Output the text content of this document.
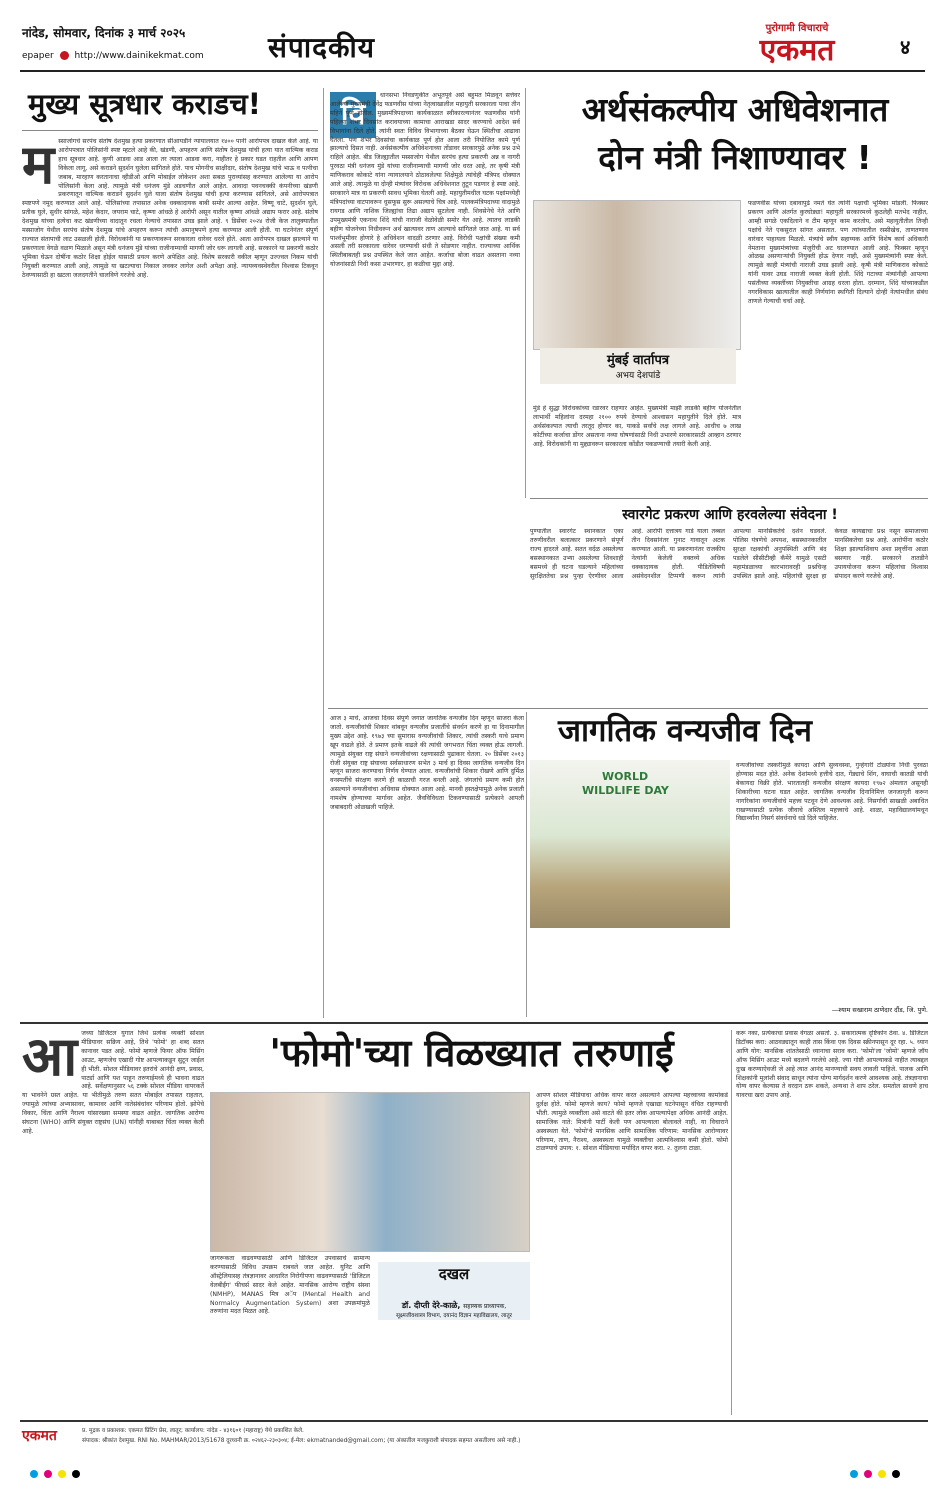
नांदेड, सोमवार, दिनांक ३ मार्च २०२५	संपादकीय
epaper http://www.dainikekmat.com
पुरोगामी विचाराचे
एकमत	४
मुख्य सूत्रधार कराडच!
म स्साजोगचे सरपंच संतोष देशमुख हत्या प्रकरणात सीआयडीने न्यायालयात १४०० पानी आरोपपत्र दाखल केले आहे. या आरोपपत्रात पोलिसांनी स्पष्ट म्हटले आहे की, खंडणी, अपहरण आणि संतोष देशमुख यांची हत्या यात वाल्मिक कराड हाच सूत्रधार आहे. कुणी आडवा आड आला तर त्याला आडवा करा, नाहीतर हे प्रकार घडत राहतील आणि आपण विकेला लागू, असे कराडने सुदर्शन घुलेला सांगितले होते. पाच मोगनीच साक्षीदार, संतोष देशमुख यांचे भाऊ व पत्नीचा जबाब, मारहाण करतानाचा व्हीडीओ आणि मोबाईल लोकेशन अशा सबळ पुराव्यांसह करण्यात आलेल्या या आरोप पोलिसांनी केला आहे. त्यामुळे मंत्री धनंजय मुंडे अडचणीत आले आहेत. आवादा पवनचक्की कंपनीच्या खंडणी प्रकरणातून वाल्मिक कराडने सुदर्शन घुले याला संतोष देशमुख यांची हत्या करण्यास सांगितले, असे आरोपपत्रात स्पष्टपणे नमूद करण्यात आले आहे. पोलिसांच्या तपासात अनेक धक्कादायक बाबी समोर आल्या आहेत. विष्णू चाटे, सुदर्शन घुले, प्रतीक घुले, सुधीर सांगळे, महेश केदार, जयराम चाटे, कृष्णा आंधळे हे आरोपी असून यातील कृष्णा आंधळे अद्याप फरार आहे. संतोष देशमुख यांच्या हत्येचा कट खंडणीच्या वादातून रचला गेल्याचे तपासात उघड झाले आहे. ९ डिसेंबर २०२४ रोजी केज तालुक्यातील मस्साजोग येथील सरपंच संतोष देशमुख यांचे अपहरण करून त्यांची अमानुषपणे हत्या करण्यात आली होती. या घटनेनंतर संपूर्ण राज्यात संतापाची लाट उसळली होती. विरोधकांनी या प्रकरणावरून सरकारला धारेवर धरले होते. आता आरोपपत्र दाखल झाल्याने या प्रकरणाला वेगळे वळण मिळाले असून मंत्री धनंजय मुंडे यांच्या राजीनाम्याची मागणी जोर धरू लागली आहे. सरकारने या प्रकरणी कठोर भूमिका घेऊन दोषींना कठोर शिक्षा होईल यासाठी प्रयत्न करणे अपेक्षित आहे. विशेष सरकारी वकील म्हणून उज्ज्वल निकम यांची नियुक्ती करण्यात आली आहे, त्यामुळे या खटल्याचा निकाल लवकर लागेल अशी अपेक्षा आहे. न्यायव्यवस्थेवरील विश्वास टिकवून ठेवण्यासाठी हा खटला जलदगतीने चालविणे गरजेचे आहे.
वि
धानसभा निवडणुकीत अभूतपूर्व असे बहुमत मिळवून सत्तेवर आलेल्या मुख्यमंत्री देवेंद्र फडणवीस यांच्या नेतृत्वाखालील महायुती सरकारला पाचा तीन महिने पूर्ण होतील. मुख्यमंत्रिपदाच्या कार्यकाळात स्वीकारल्यानंतर फडणवीस यांनी पहिल्या शंभर दिवसांत करावयाच्या कामाचा आराखडा सादर करण्याचे आदेश सर्व विभागांना दिले होते. त्यांनी स्वतः विविध विभागाच्या बैठका घेऊन स्थितीचा आढावा घेतला. पण शंभर दिवसांचा कार्यकाळ पूर्ण होत आला तरी नियोजित कामे पूर्ण झाल्याचे दिसत नाही. अर्थसंकल्पीय अधिवेशनाच्या तोंडावर सरकारपुढे अनेक प्रश्न उभे राहिले आहेत. बीड जिल्ह्यातील मस्साजोग येथील सरपंच हत्या प्रकरणी अन्न व नागरी पुरवठा मंत्री धनंजय मुंडे यांच्या राजीनाम्याची मागणी जोर धरत आहे, तर कृषी मंत्री माणिकराव कोकाटे यांना न्यायालयाने ठोठावलेल्या शिक्षेमुळे त्यांचेही मंत्रिपद धोक्यात आले आहे. त्यामुळे या दोन्ही मंत्र्यांवर विरोधक अधिवेशनात तुटून पडणार हे स्पष्ट आहे. सरकारने मात्र या प्रकरणी सावध भूमिका घेतली आहे. महायुतीमधील घटक पक्षांमध्येही मंत्रिपदांच्या वाटपावरून धुसफूस सुरू असल्याचे चित्र आहे. पालकमंत्रिपदाच्या वादामुळे रायगड आणि नाशिक जिल्ह्यांचा तिढा अद्याप सुटलेला नाही. शिवसेनेचे नेते आणि उपमुख्यमंत्री एकनाथ शिंदे यांची नाराजी वेळोवेळी समोर येत आहे. त्यातच लाडकी बहीण योजनेच्या निधीवरून अर्थ खात्यावर ताण आल्याचे सांगितले जात आहे. या सर्व पार्श्वभूमीवर होणारे हे अधिवेशन वादळी ठरणार आहे. विरोधी पक्षांची संख्या कमी असली तरी सरकारला धारेवर धरण्याची संधी ते सोडणार नाहीत. राज्याच्या आर्थिक स्थितीबाबतही प्रश्न उपस्थित केले जात आहेत. कर्जाचा बोजा वाढत असताना नव्या योजनांसाठी निधी कसा उभारणार, हा कळीचा मुद्दा आहे.
अर्थसंकल्पीय अधिवेशनात
दोन मंत्री निशाण्यावर !
मुंबई वार्तापत्र
अभय देशपांडे
फडणवीस यांच्या दबावापुढे नमते घेत त्यांनी पक्षाची भूमिका मांडली. फिक्सर प्रकरण आणि अंतर्गत कुरघोड्या! महायुती सरकारमध्ये कुठलेही मतभेद नाहीत, आम्ही सगळे एकदिलाने व टीम म्हणून काम करतोय, असे महायुतीतील तिन्ही पक्षांचे नेते एकसुरात सांगत असतात. पण त्यांच्यातील रस्सीखेच, ताणतणाव वारंवार पाहायला मिळतो. मंत्र्यांचे स्वीय सहाय्यक आणि विशेष कार्य अधिकारी नेमताना मुख्यमंत्र्यांच्या मंजुरीची अट घालण्यात आली आहे. फिक्सर म्हणून ओळख असणाऱ्यांची नियुक्ती होऊ देणार नाही, असे मुख्यमंत्र्यांनी स्पष्ट केले. त्यामुळे काही मंत्र्यांची नाराजी उघड झाली आहे. कृषी मंत्री माणिकराव कोकाटे यांनी यावर उघड नाराजी व्यक्त केली होती. शिंदे गटाच्या मंत्र्यांनीही आपल्या पसंतीच्या व्यक्तींच्या नियुक्तीचा आग्रह धरला होता. दरम्यान, शिंदे यांच्याकडील नगरविकास खात्यातील काही निर्णयांना स्थगिती दिल्याने दोन्ही नेत्यांमधील संबंध ताणले गेल्याची चर्चा आहे.
मुंडे हे सुद्धा विरोधकांच्या रडारवर राहणार आहेत. मुख्यमंत्री माझी लाडकी बहीण योजनेतील लाभार्थी महिलांना दरमहा २१०० रुपये देण्याचे आश्वासन महायुतीने दिले होते. मात्र अर्थसंकल्पात त्याची तरतूद होणार का, याकडे सर्वांचे लक्ष लागले आहे. आधीच ७ लाख कोटींच्या कर्जाचा डोंगर असताना नव्या घोषणांसाठी निधी उभारणे सरकारसाठी आव्हान ठरणार आहे. विरोधकांनी या मुद्द्यावरून सरकारला कोंडीत पकडण्याची तयारी केली आहे.
स्वारगेट प्रकरण आणि हरवलेल्या संवेदना !
पुण्यातील स्वारगेट स्थानकात एका तरुणीवरील बलात्कार प्रकरणाने संपूर्ण राज्य हादरले आहे. सतत वर्दळ असलेल्या बसस्थानकात उभ्या असलेल्या शिवशाही बसमध्ये ही घटना घडल्याने महिलांच्या सुरक्षिततेचा प्रश्न पुन्हा ऐरणीवर आला आहे. आरोपी दत्तात्रय गाडे याला तब्बल तीन दिवसांनंतर गुनाट गावातून अटक करण्यात आली. या प्रकरणानंतर राजकीय नेत्यांनी केलेली वक्तव्ये अधिक धक्कादायक होती. पीडितेविषयी असंवेदनशील टिप्पणी करून त्यांनी आपल्या मानसिकतेचे दर्शन घडवले. पोलिस यंत्रणेचे अपयश, बसस्थानकातील सुरक्षा रक्षकांची अनुपस्थिती आणि बंद पडलेले सीसीटीव्ही कॅमेरे यामुळे एसटी महामंडळाच्या कारभारावरही प्रश्नचिन्ह उपस्थित झाले आहे. महिलांची सुरक्षा हा केवळ कायद्याचा प्रश्न नसून समाजाच्या मानसिकतेचा प्रश्न आहे. आरोपींना कठोर शिक्षा झाल्याशिवाय अशा प्रवृत्तींना आळा बसणार नाही. सरकारने तातडीने उपाययोजना करून महिलांचा विश्वास संपादन करणे गरजेचे आहे.
जागतिक वन्यजीव दिन
WORLD
WILDLIFE DAY
आज ३ मार्च, आजचा दिवस संपूर्ण जगात जागतिक वन्यजीव दिन म्हणून साजरा केला जातो. वन्यजीवांची शिकार थांबवून वन्यजीव प्रजातींचे संवर्धन करणे हा या दिनामागील मुख्य उद्देश आहे. १९७३ च्या सुमारास वन्यजीवांची शिकार, त्यांची तस्करी याचे प्रमाण खूप वाढले होते. ते प्रमाण इतके वाढले की त्यांची जगभरात चिंता व्यक्त होऊ लागली. त्यामुळे संयुक्त राष्ट्र संघाने वन्यजीवांच्या रक्षणासाठी पुढाकार घेतला. २० डिसेंबर २०१३ रोजी संयुक्त राष्ट्र संघाच्या सर्वसाधारण सभेत ३ मार्च हा दिवस जागतिक वन्यजीव दिन म्हणून साजरा करण्याचा निर्णय घेण्यात आला. वन्यजीवांची शिकार रोखणे आणि दुर्मिळ वनस्पतींचे संरक्षण करणे ही काळाची गरज बनली आहे. जंगलांचे प्रमाण कमी होत असल्याने वन्यजीवांचा अधिवास धोक्यात आला आहे. मानवी हस्तक्षेपामुळे अनेक प्रजाती नामशेष होण्याच्या मार्गावर आहेत. जैवविविधता टिकवण्यासाठी प्रत्येकाने आपली जबाबदारी ओळखली पाहिजे.
वन्यजीवांच्या तस्करीमुळे कायदा आणि सुव्यवस्था, गुन्हेगारी टोळ्यांना निधी पुरवठा होण्यास मदत होते. अनेक देशांमध्ये हत्तीचे दात, गेंड्याचे शिंग, वाघाची कातडी यांची बेकायदा विक्री होते. भारतातही वन्यजीव संरक्षण कायदा १९७२ अंमलात असूनही शिकारीच्या घटना घडत आहेत. जागतिक वन्यजीव दिनानिमित्त जनजागृती करून नागरिकांना वन्यजीवांचे महत्त्व पटवून देणे आवश्यक आहे. निसर्गाची साखळी अबाधित राखण्यासाठी प्रत्येक जीवाचे अस्तित्व महत्त्वाचे आहे. शाळा, महाविद्यालयांमधून विद्यार्थ्यांना निसर्ग संवर्धनाचे धडे दिले पाहिजेत.
—श्याम सखाराम ठाणेदार दौंड, जि. पुणे.
आ जच्या डिजिटल युगात जिथे प्रत्येक व्यक्ती सोशल मीडियावर सक्रिय आहे, तिथे 'फोमो' हा शब्द सतत कानावर पडत आहे. फोमो म्हणजे फियर ऑफ मिसिंग आउट, म्हणजेच एखादी गोष्ट आपल्याकडून सुटून जाईल ही भीती. सोशल मीडियावर इतरांचे आनंदी क्षण, प्रवास, पार्ट्या आणि यश पाहून तरुणाईमध्ये ही भावना वाढत आहे. सर्वेक्षणानुसार ५६ टक्के सोशल मीडिया वापरकर्ते या भावनेने ग्रस्त आहेत. या भीतीमुळे तरुण सतत मोबाईल तपासत राहतात, ज्यामुळे त्यांच्या अभ्यासावर, कामावर आणि नातेसंबंधांवर परिणाम होतो. झोपेचे विकार, चिंता आणि नैराश्य यांसारख्या समस्या वाढत आहेत. जागतिक आरोग्य संघटना (WHO) आणि संयुक्त राष्ट्रसंघ (UN) यांनीही याबाबत चिंता व्यक्त केली आहे.
'फोमो'च्या विळख्यात तरुणाई
जागरूकता वाढवण्यासाठी आणि डिजिटल उपवासाचे सामान्य करण्यासाठी विविध उपक्रम राबवले जात आहेत. युनिट आणि ऑस्ट्रेलियासह तंत्रज्ञानावर आधारित निरोगीपणा वाढवण्यासाठी 'डिजिटल वेलबीईंग' फीचर्स सादर केले आहेत. मानसिक आरोग्य राष्ट्रीय संस्था (NMHP), MANAS मित्र अॅप (Mental Health and Normalcy Augmentation System) अशा उपक्रमांमुळे तरुणांना मदत मिळत आहे.
दखल
डॉ. दीप्ती देरे-काळे, सहाय्यक प्राध्यापक,
सूक्ष्मजीवशास्त्र विभाग, दयानंद विज्ञान महाविद्यालय, लातूर
आपण सोशल मीडियाचा अधिक वापर करत असल्याने आपल्या महत्त्वाच्या कामांकडे दुर्लक्ष होते. फोमो म्हणजे काय? फोमो म्हणजे एखाद्या घटनेपासून वंचित राहण्याची भीती. त्यामुळे व्यक्तीला असे वाटते की इतर लोक आपल्यापेक्षा अधिक आनंदी आहेत. सामाजिक नाते: मित्रांनी पार्टी केली पण आपल्याला बोलावले नाही, या विचाराने अस्वस्थता येते. 'फोमो'चे मानसिक आणि सामाजिक परिणाम: मानसिक आरोग्यावर परिणाम, ताण, नैराश्य, अस्वस्थता यामुळे व्यक्तीचा आत्मविश्वास कमी होतो. फोमो टाळण्याचे उपाय: १. सोशल मीडियाचा मर्यादित वापर करा. २. तुलना टाळा.
करू नका, प्रत्येकाचा प्रवास वेगळा असतो. ३. सकारात्मक दृष्टिकोन ठेवा. ४. डिजिटल डिटॉक्स करा: आठवड्यातून काही तास किंवा एक दिवस स्क्रीनपासून दूर रहा. ५. ध्यान आणि योग: मानसिक शांततेसाठी ध्यानाचा सराव करा. 'फोमो'ला 'जोमो' म्हणजे जॉय ऑफ मिसिंग आउट मध्ये बदलणे गरजेचे आहे. ज्या गोष्टी आपल्याकडे नाहीत त्याबद्दल दुःख करण्याऐवजी जे आहे त्यात आनंद मानण्याची सवय लावली पाहिजे. पालक आणि शिक्षकांनी मुलांशी संवाद साधून त्यांना योग्य मार्गदर्शन करणे आवश्यक आहे. तंत्रज्ञानाचा योग्य वापर केल्यास ते वरदान ठरू शकते, अन्यथा ते शाप ठरेल. समतोल साधणे हाच यावरचा खरा उपाय आहे.
एकमत	प्र. मुद्रक व प्रकाशक: एकमत प्रिंटिंग प्रेस, लातूर; कार्यालय: नांदेड - ४३१६०१ (महाराष्ट्र) येथे प्रकाशित केले.
संपादक: श्रीकांत देशमुख. RNI No. MAHMAR/2013/51678 दूरध्वनी क्र. ०२४६२-२३०३०४; ई-मेल: ekmatnanded@gmail.com; (या अंकातील मजकुराशी संपादक सहमत असतीलच असे नाही.)
